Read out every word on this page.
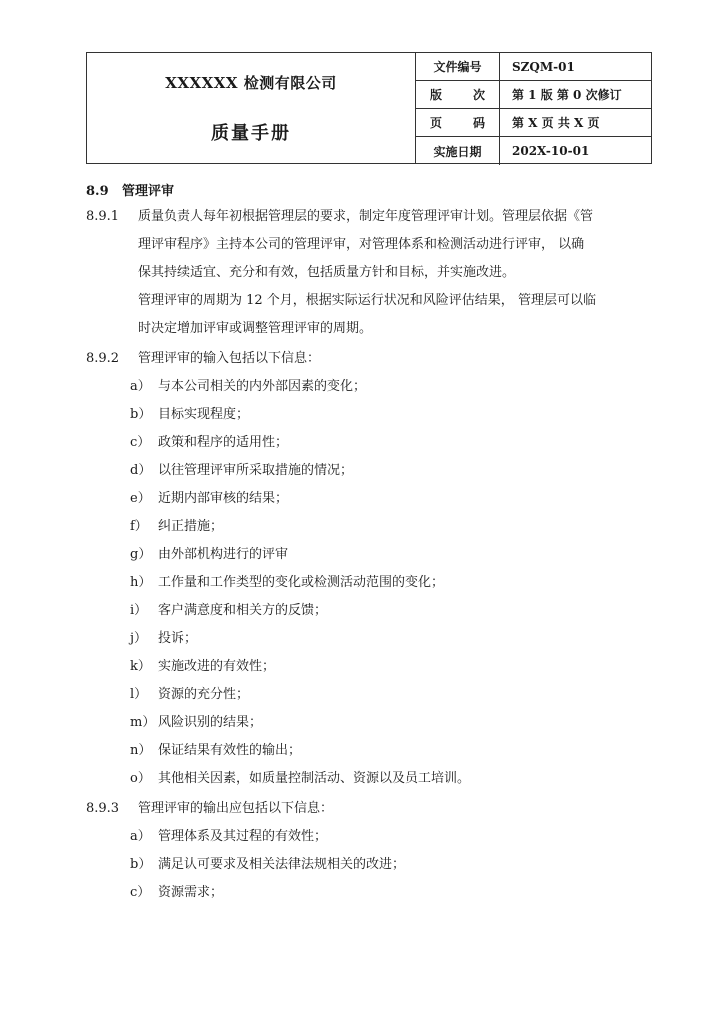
XXXXXX 检测有限公司
质量手册
文件编号	SZQM-01
版	次	第 1 版 第 0 次修订
页	码	第 X 页 共 X 页
实施日期	202X-10-01
8.9 管理评审
8.9.1 质量负责人每年初根据管理层的要求，制定年度管理评审计划。管理层依据《管
理评审程序》主持本公司的管理评审，对管理体系和检测活动进行评审， 以确
保其持续适宜、充分和有效，包括质量方针和目标，并实施改进。
管理评审的周期为 12 个月，根据实际运行状况和风险评估结果， 管理层可以临
时决定增加评审或调整管理评审的周期。
8.9.2 管理评审的输入包括以下信息：
a） 与本公司相关的内外部因素的变化；
b） 目标实现程度；
c） 政策和程序的适用性；
d） 以往管理评审所采取措施的情况；
e） 近期内部审核的结果；
f） 纠正措施；
g） 由外部机构进行的评审
h） 工作量和工作类型的变化或检测活动范围的变化；
i） 客户满意度和相关方的反馈；
j） 投诉；
k） 实施改进的有效性；
l） 资源的充分性；
m） 风险识别的结果；
n） 保证结果有效性的输出；
o） 其他相关因素，如质量控制活动、资源以及员工培训。
8.9.3 管理评审的输出应包括以下信息：
a） 管理体系及其过程的有效性；
b） 满足认可要求及相关法律法规相关的改进；
c） 资源需求；
